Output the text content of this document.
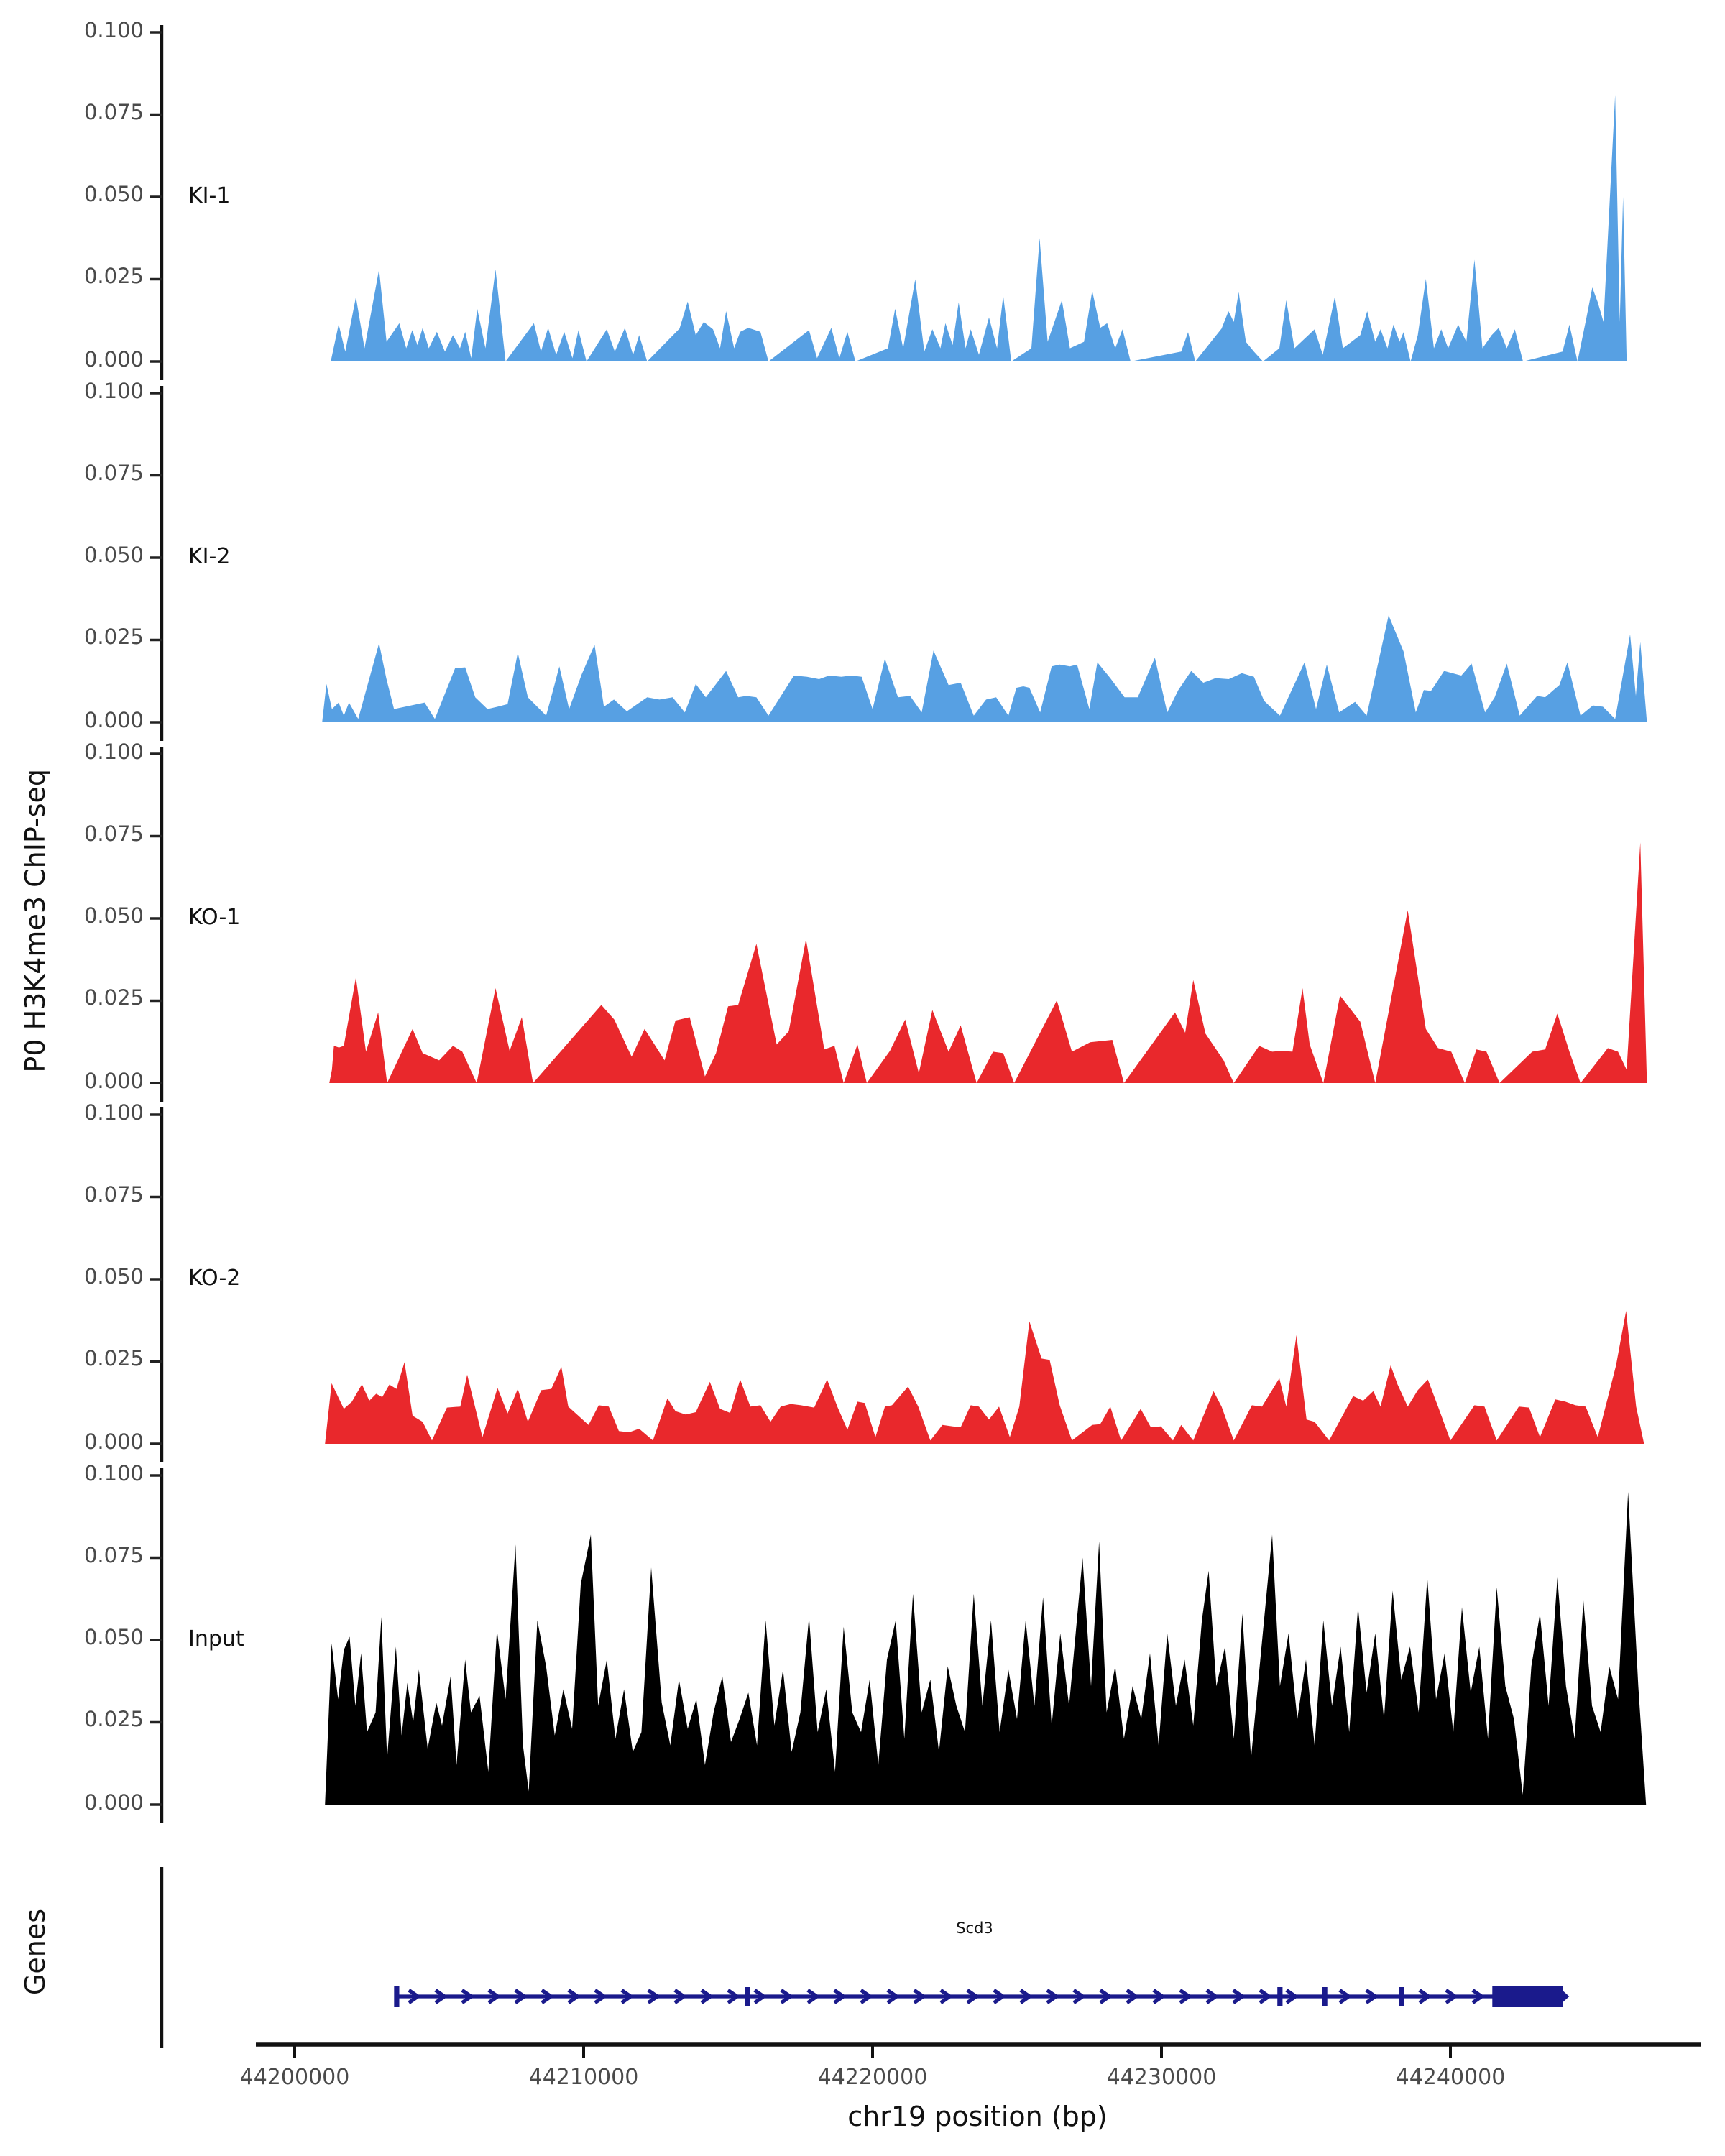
P0 H3K4me3 ChIP-seq
Genes
chr19 position (bp)
Scd3
0.000
0.025
0.050
0.075
0.100
KI-1
0.000
0.025
0.050
0.075
0.100
KI-2
0.000
0.025
0.050
0.075
0.100
KO-1
0.000
0.025
0.050
0.075
0.100
KO-2
0.000
0.025
0.050
0.075
0.100
Input
44200000	44210000	44220000	44230000	44240000
